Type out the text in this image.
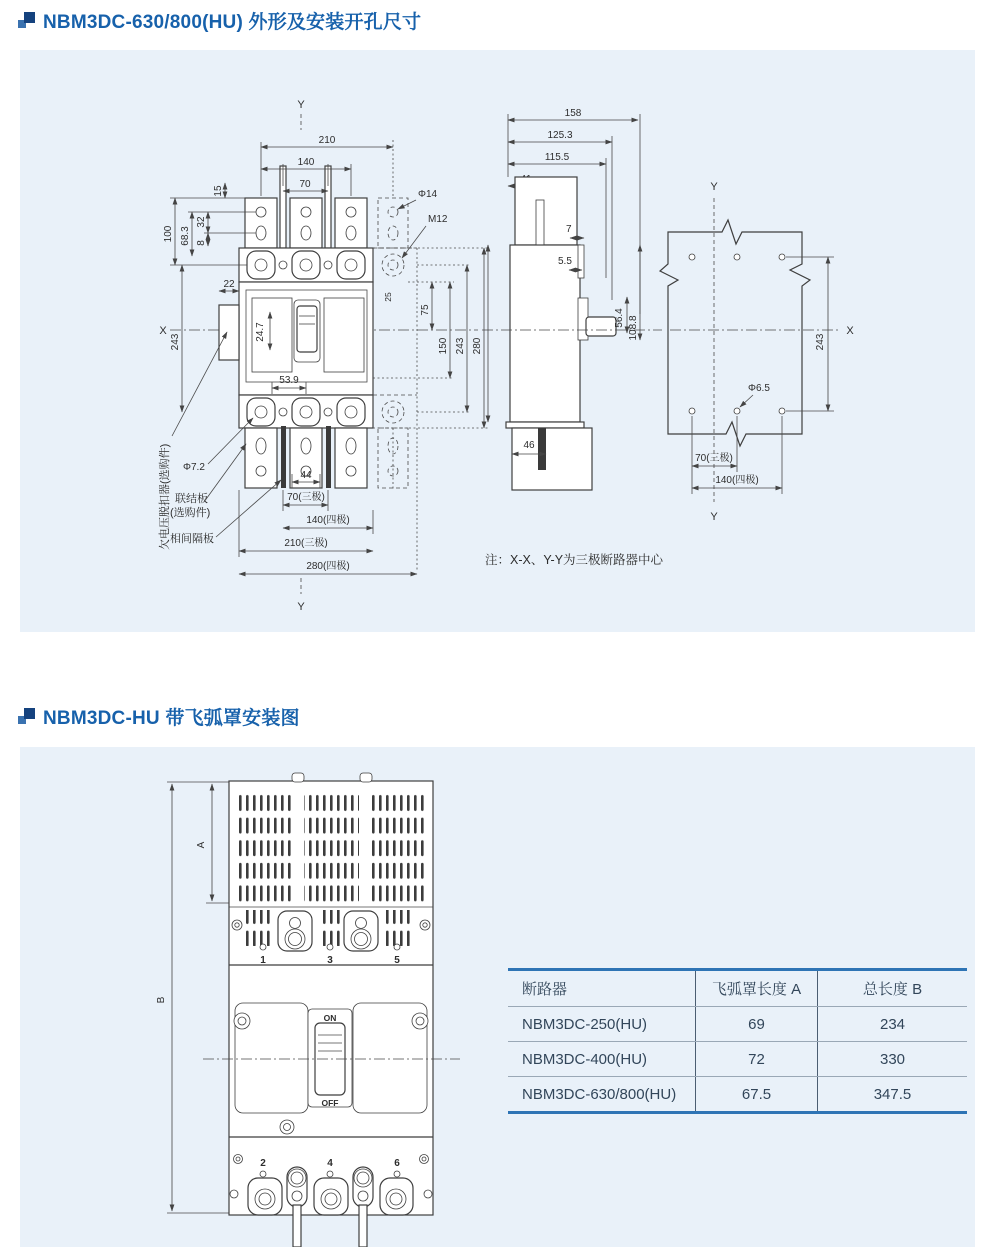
NBM3DC-630/800(HU) 外形及安装开孔尺寸
Y
X
Y
210
140
70
100 68.3
32
8
15
22
243
24.7
53.9
75
150 243 280
Φ14
M12
25
Φ7.2
欠电压脱扣器(选购件) 联结板
(选购件)
相间隔板
44
70(三极)
140(四极)
210(三极)
280(四极)
158
125.3
115.5
7
5.5
56.4 108.8
46
Y
Y
X
243
Φ6.5
70(三极)
140(四极)
注：X-X、Y-Y为三极断路器中心
NBM3DC-HU 带飞弧罩安装图
A
B
1	3	5
ON
OFF
2	4	6
断路器	飞弧罩长度 A	总长度 B
NBM3DC-250(HU)	69	234
NBM3DC-400(HU)	72	330
NBM3DC-630/800(HU)	67.5	347.5
